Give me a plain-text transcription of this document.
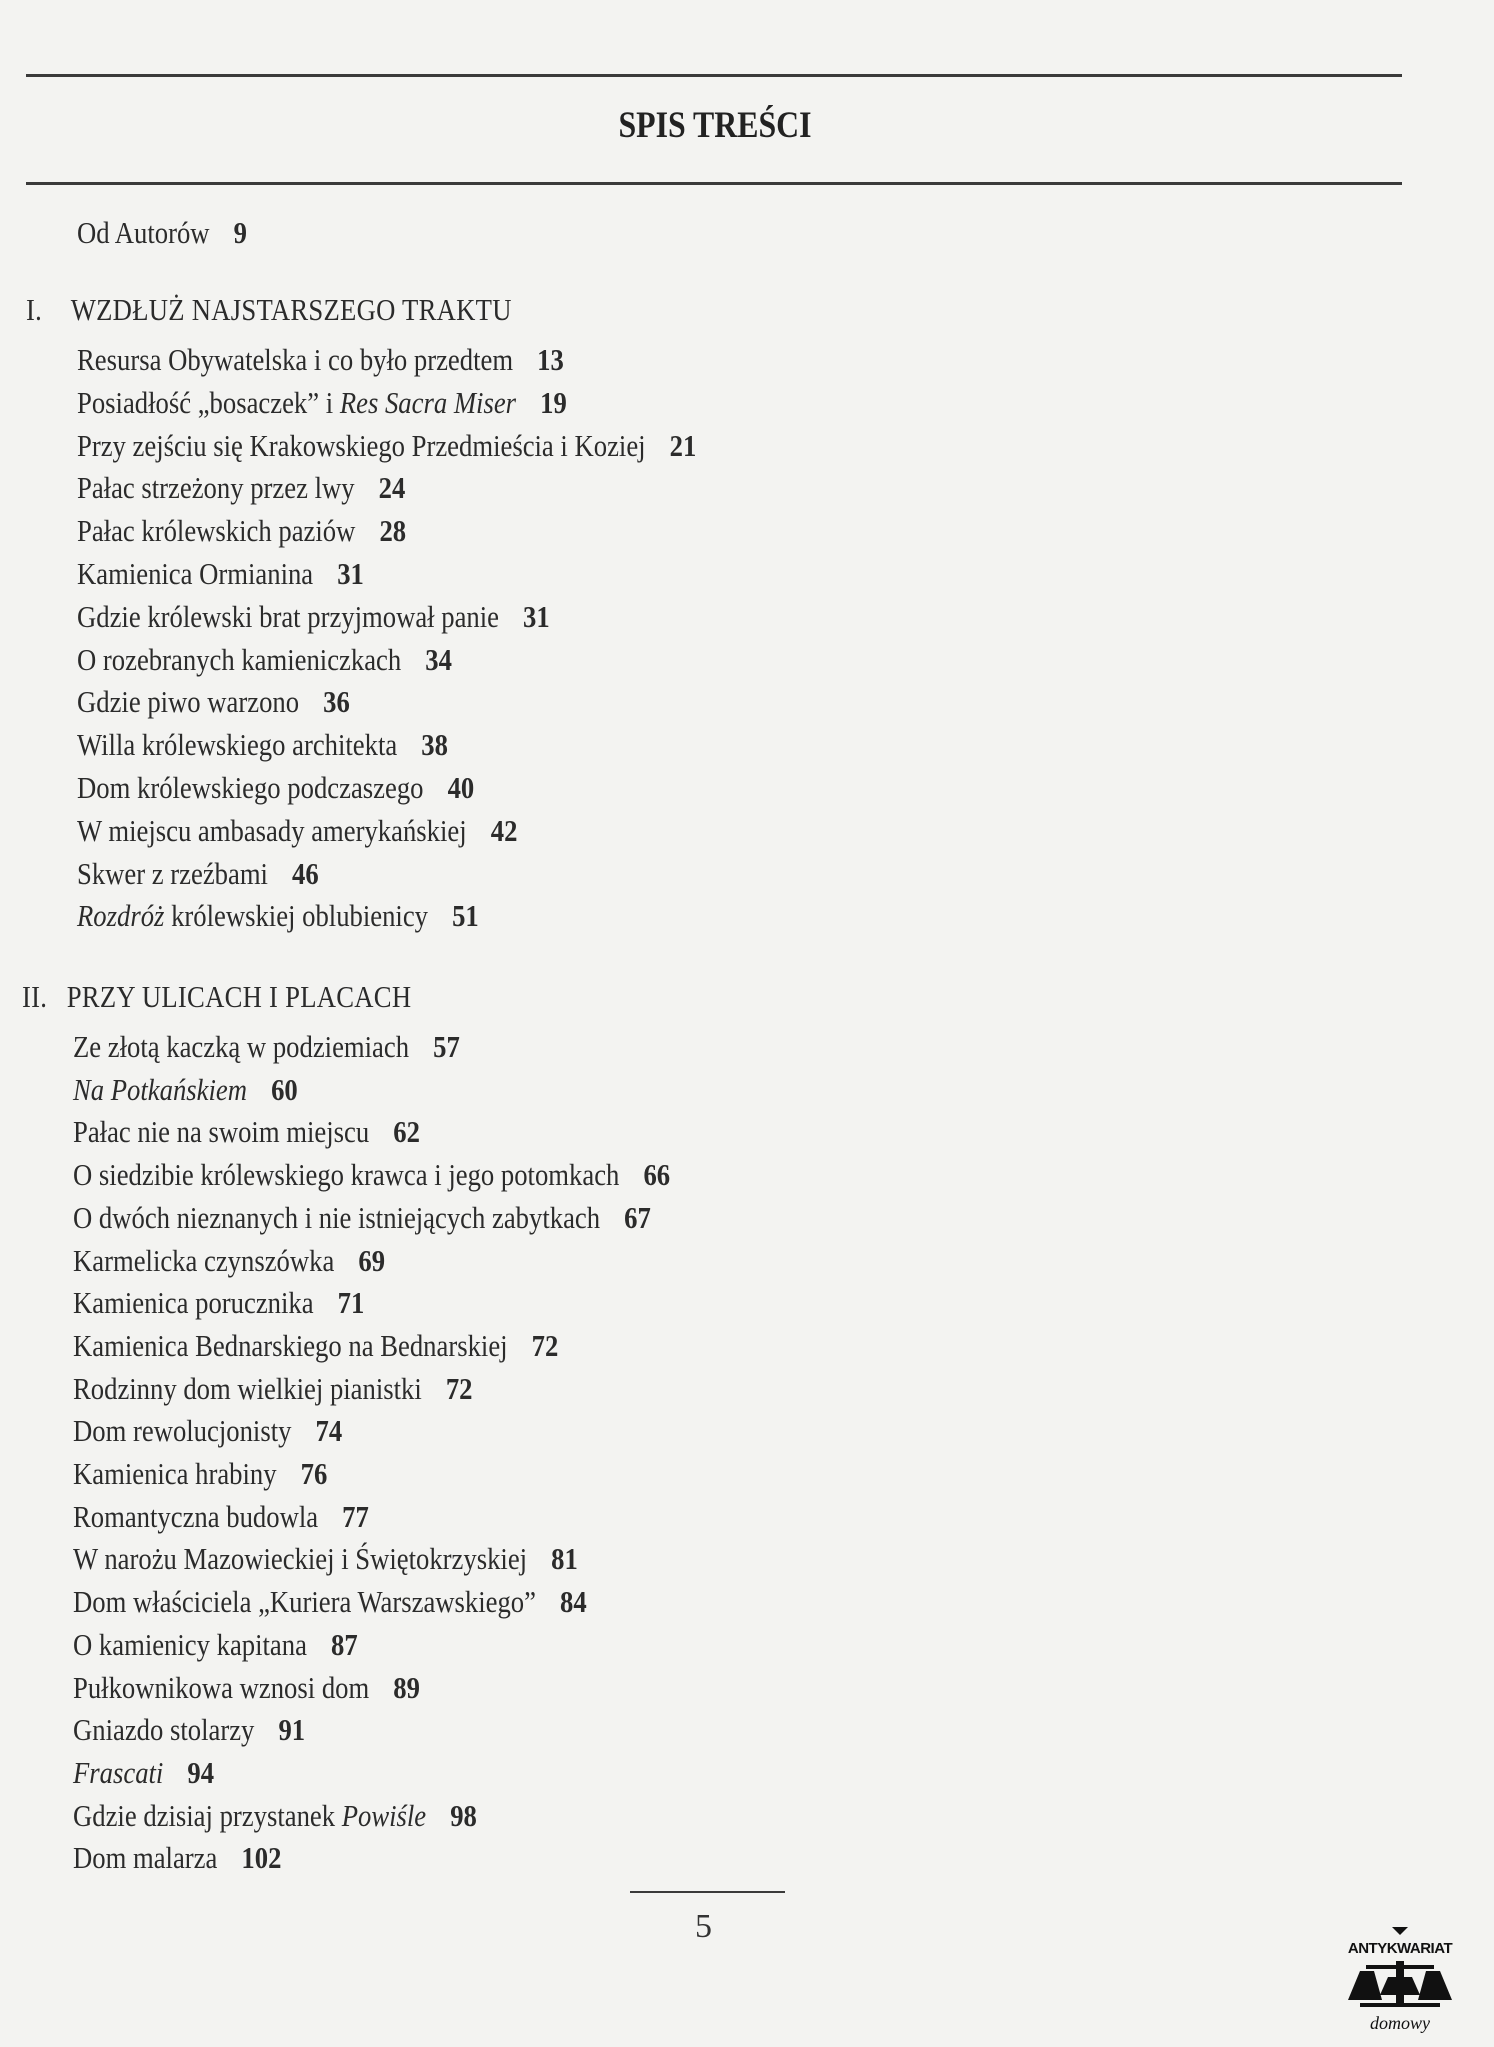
SPIS TREŚCI
Od Autorów 9
I. WZDŁUŻ NAJSTARSZEGO TRAKTU
Resursa Obywatelska i co było przedtem 13
Posiadłość „bosaczek” i Res Sacra Miser 19
Przy zejściu się Krakowskiego Przedmieścia i Koziej 21
Pałac strzeżony przez lwy 24
Pałac królewskich paziów 28
Kamienica Ormianina 31
Gdzie królewski brat przyjmował panie 31
O rozebranych kamieniczkach 34
Gdzie piwo warzono 36
Willa królewskiego architekta 38
Dom królewskiego podczaszego 40
W miejscu ambasady amerykańskiej 42
Skwer z rzeźbami 46
Rozdróż królewskiej oblubienicy 51
II. PRZY ULICACH I PLACACH
Ze złotą kaczką w podziemiach 57
Na Potkańskiem 60
Pałac nie na swoim miejscu 62
O siedzibie królewskiego krawca i jego potomkach 66
O dwóch nieznanych i nie istniejących zabytkach 67
Karmelicka czynszówka 69
Kamienica porucznika 71
Kamienica Bednarskiego na Bednarskiej 72
Rodzinny dom wielkiej pianistki 72
Dom rewolucjonisty 74
Kamienica hrabiny 76
Romantyczna budowla 77
W narożu Mazowieckiej i Świętokrzyskiej 81
Dom właściciela „Kuriera Warszawskiego” 84
O kamienicy kapitana 87
Pułkownikowa wznosi dom 89
Gniazdo stolarzy 91
Frascati 94
Gdzie dzisiaj przystanek Powiśle 98
Dom malarza 102
5
ANTYKWARIAT
domowy
